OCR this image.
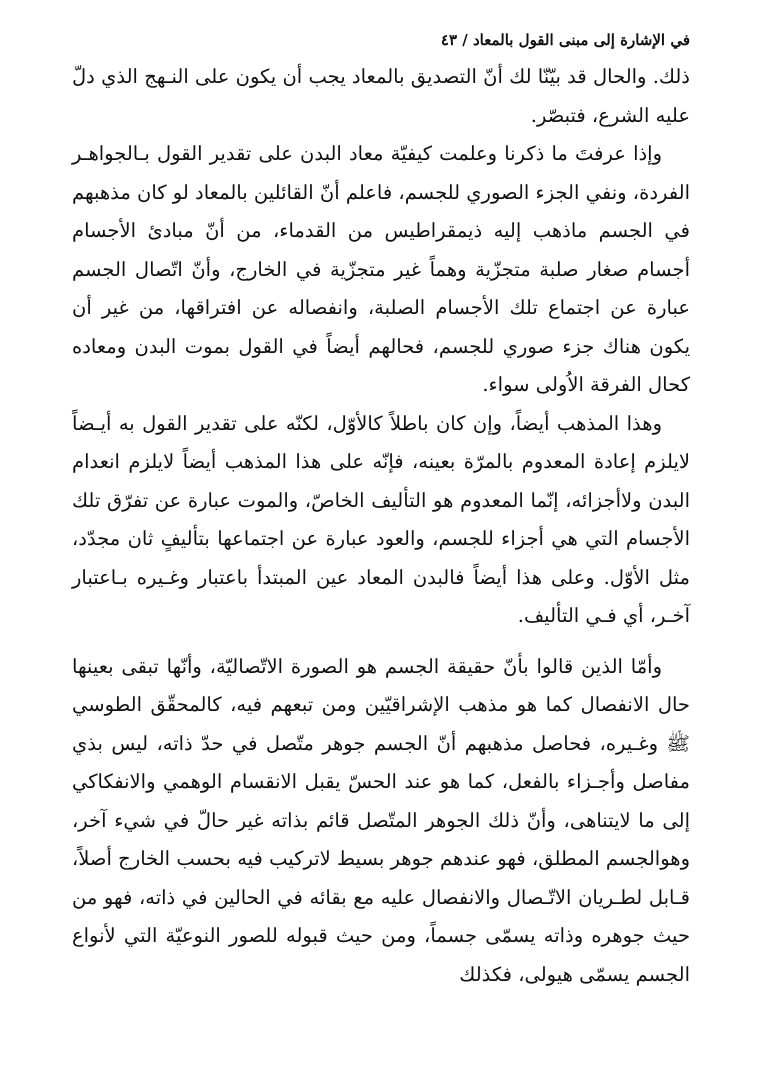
في الإشارة إلى مبنى القول بالمعاد / ٤٣

ذلك. والحال قد بيّنّا لك أنّ التصديق بالمعاد يجب أن يكون على النـهج الذي دلّ عليه الشرع، فتبصّر.

وإذا عرفتَ ما ذكرنا وعلمت كيفيّة معاد البدن على تقدير القول بـالجواهـر الفردة، ونفي الجزء الصوري للجسم، فاعلم أنّ القائلين بالمعاد لو كان مذهبهم في الجسم ماذهب إليه ذيمقراطيس من القدماء، من أنّ مبادئ الأجسام أجسام صغار صلبة متجزّية وهماً غير متجزّية في الخارج، وأنّ اتّصال الجسم عبارة عن اجتماع تلك الأجسام الصلبة، وانفصاله عن افتراقها، من غير أن يكون هناك جزء صوري للجسم، فحالهم أيضاً في القول بموت البدن ومعاده كحال الفرقة الاُولى سواء.

وهذا المذهب أيضاً، وإن كان باطلاً كالأوّل، لكنّه على تقدير القول به أيـضاً لايلزم إعادة المعدوم بالمرّة بعينه، فإنّه على هذا المذهب أيضاً لايلزم انعدام البدن ولاأجزائه، إنّما المعدوم هو التأليف الخاصّ، والموت عبارة عن تفرّق تلك الأجسام التي هي أجزاء للجسم، والعود عبارة عن اجتماعها بتأليفٍ ثان مجدّد، مثل الأوّل. وعلى هذا أيضاً فالبدن المعاد عين المبتدأ باعتبار وغـيره بـاعتبار آخـر، أي فـي التأليف.

وأمّا الذين قالوا بأنّ حقيقة الجسم هو الصورة الاتّصاليّة، وأنّها تبقى بعينها حال الانفصال كما هو مذهب الإشراقيّين ومن تبعهم فيه، كالمحقّق الطوسي ﷺ وغـيره، فحاصل مذهبهم أنّ الجسم جوهر متّصل في حدّ ذاته، ليس بذي مفاصل وأجـزاء بالفعل، كما هو عند الحسّ يقبل الانقسام الوهمي والانفكاكي إلى ما لايتناهى، وأنّ ذلك الجوهر المتّصل قائم بذاته غير حالّ في شيء آخر، وهوالجسم المطلق، فهو عندهم جوهر بسيط لاتركيب فيه بحسب الخارج أصلاً، قـابل لطـريان الاتّـصال والانفصال عليه مع بقائه في الحالين في ذاته، فهو من حيث جوهره وذاته يسمّى جسماً، ومن حيث قبوله للصور النوعيّة التي لأنواع الجسم يسمّى هيولى، فكذلك
